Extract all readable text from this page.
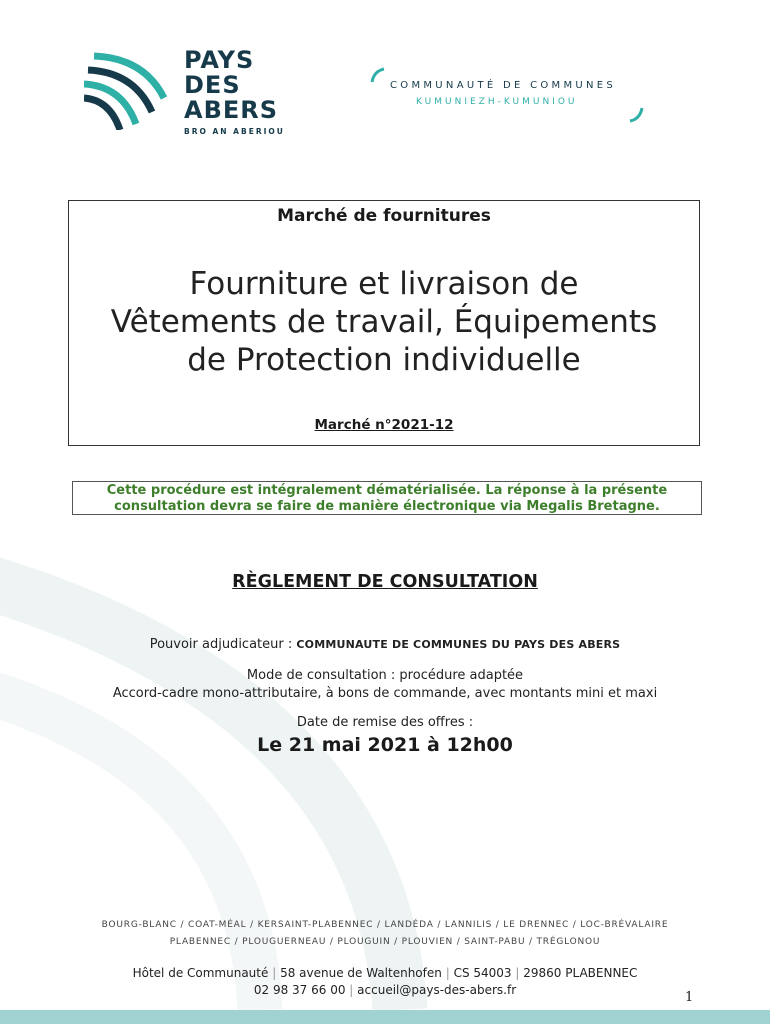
PAYS
DES
ABERS
BRO AN ABERIOU
COMMUNAUTÉ DE COMMUNES
KUMUNIEZH-KUMUNIOU
Marché de fournitures
Fourniture et livraison de
Vêtements de travail, Équipements
de Protection individuelle
Marché n°2021-12
Cette procédure est intégralement dématérialisée. La réponse à la présente
consultation devra se faire de manière électronique via Megalis Bretagne.
RÈGLEMENT DE CONSULTATION
Pouvoir adjudicateur : COMMUNAUTE DE COMMUNES DU PAYS DES ABERS
Mode de consultation : procédure adaptée
Accord-cadre mono-attributaire, à bons de commande, avec montants mini et maxi
Date de remise des offres :
Le 21 mai 2021 à 12h00
BOURG-BLANC / COAT-MÉAL / KERSAINT-PLABENNEC / LANDÉDA / LANNILIS / LE DRENNEC / LOC-BRÉVALAIRE
PLABENNEC / PLOUGUERNEAU / PLOUGUIN / PLOUVIEN / SAINT-PABU / TRÉGLONOU
Hôtel de Communauté | 58 avenue de Waltenhofen | CS 54003 | 29860 PLABENNEC
02 98 37 66 00 | accueil@pays-des-abers.fr
1
